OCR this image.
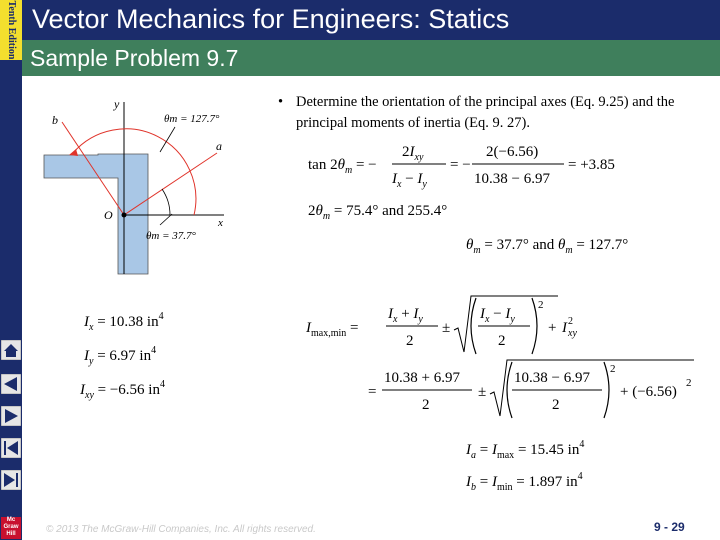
Tenth Edition
Mc Graw Hill
Vector Mechanics for Engineers: Statics
Sample Problem 9.7
• Determine the orientation of the principal axes (Eq. 9.25) and the principal moments of inertia (Eq. 9. 27).
y
x
b
a
O
θm = 127.7°
θm = 37.7°
$I_x = 10.38$ $in^4$
$I_y = 6.97$ $in^4$
$I_{xy} = -6.56$ $in^4$
$\tan 2\theta_m$ = −
$2I_{xy}$
$I_x - I_y$
= −
2(−6.56)
10.38 − 6.97
= +3.85
$2\theta_m = 75.4^\circ$ and 255.4°
$\theta_m = 37.7^\circ$ and $\theta_m = 127.7^\circ$
$I_{max,min}$ =
$I_x + I_y$
2
±
$I_x - I_y$
2
2
+ I 2
xy
=
10.38 + 6.97
2
±
10.38 − 6.97
2
2
+ (−6.56)
2
$I_a = I_{max} = 15.45$ $in^4$
$I_b = I_{min} = 1.897$ $in^4$
© 2013 The McGraw-Hill Companies, Inc. All rights reserved.	9 - 29
